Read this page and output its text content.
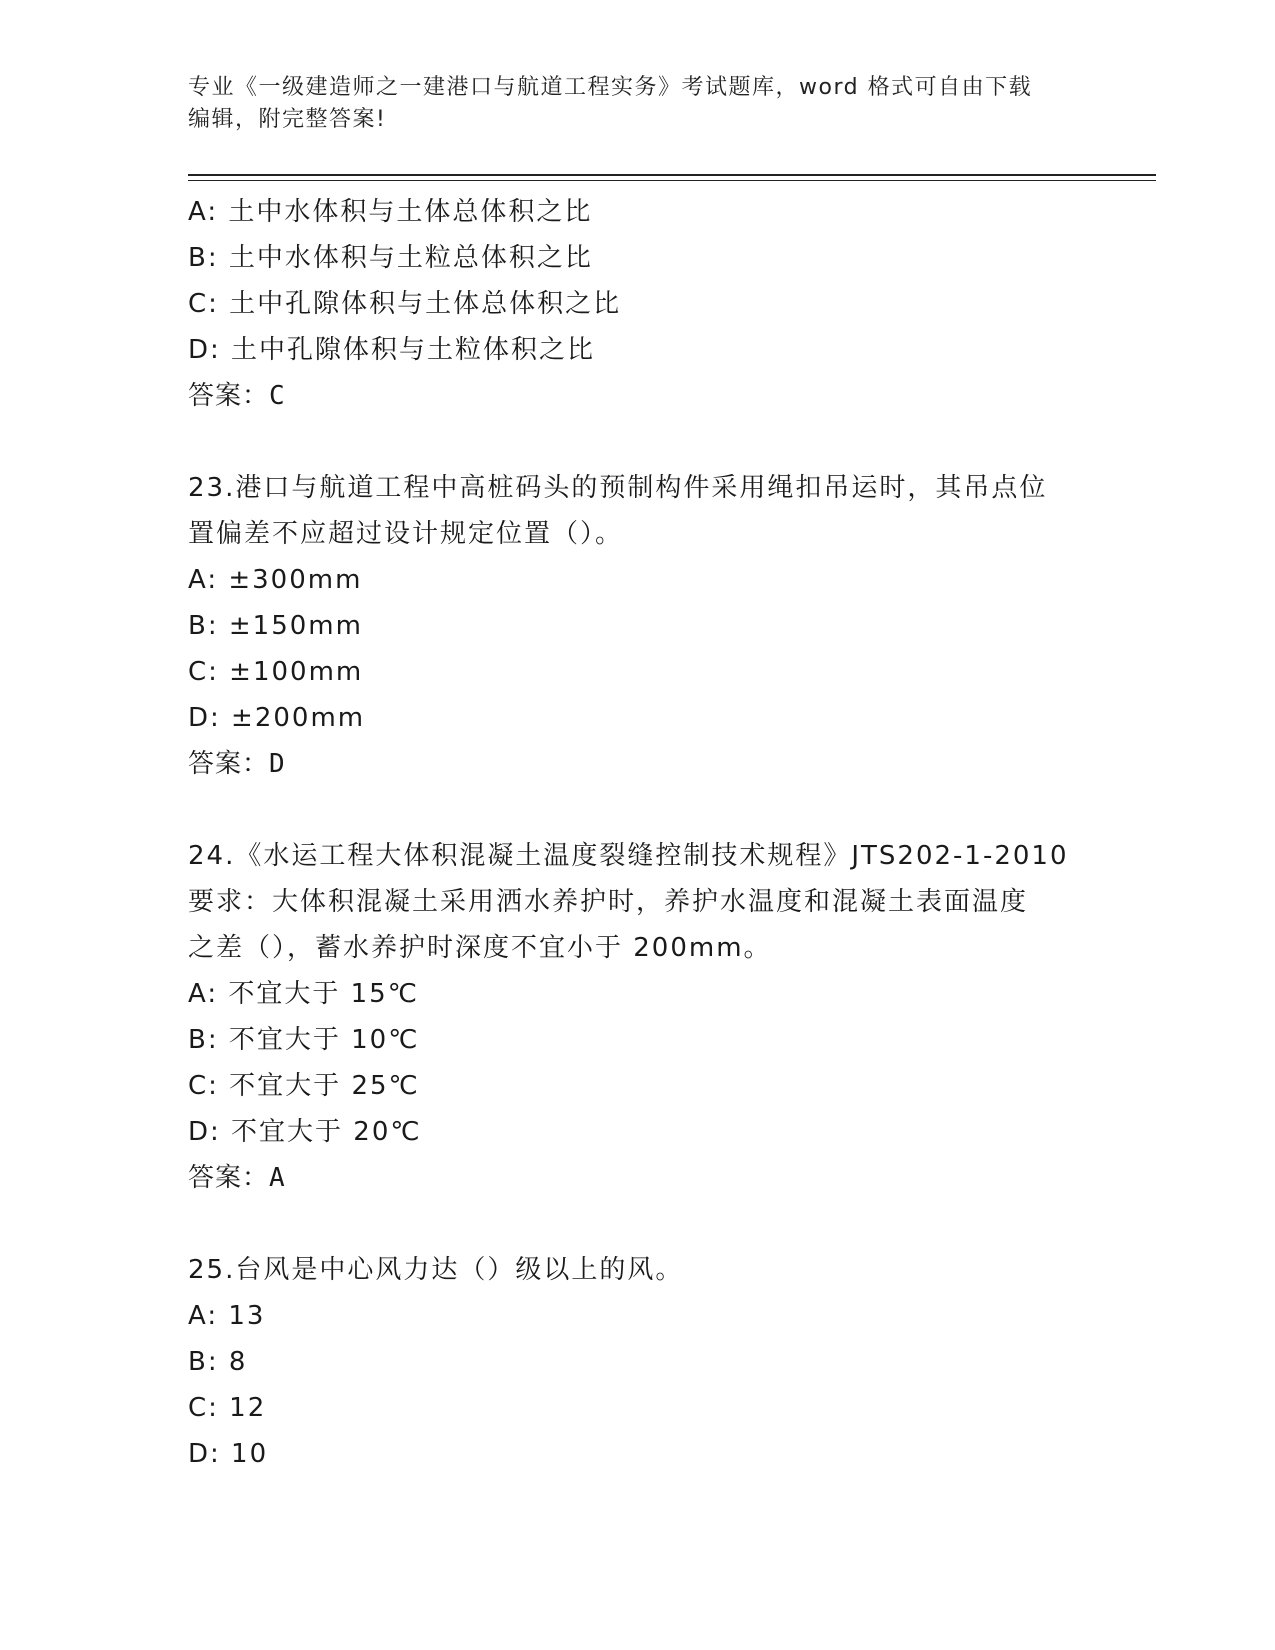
专业《一级建造师之一建港口与航道工程实务》考试题库，word 格式可自由下载
编辑，附完整答案!
A: 土中水体积与土体总体积之比
B: 土中水体积与土粒总体积之比
C: 土中孔隙体积与土体总体积之比
D: 土中孔隙体积与土粒体积之比
答案：C
23.港口与航道工程中高桩码头的预制构件采用绳扣吊运时，其吊点位
置偏差不应超过设计规定位置（）。
A: ±300mm
B: ±150mm
C: ±100mm
D: ±200mm
答案：D
24.《水运工程大体积混凝土温度裂缝控制技术规程》JTS202-1-2010
要求：大体积混凝土采用洒水养护时，养护水温度和混凝土表面温度
之差（），蓄水养护时深度不宜小于 200mm。
A: 不宜大于 15℃
B: 不宜大于 10℃
C: 不宜大于 25℃
D: 不宜大于 20℃
答案：A
25.台风是中心风力达（）级以上的风。
A: 13
B: 8
C: 12
D: 10
